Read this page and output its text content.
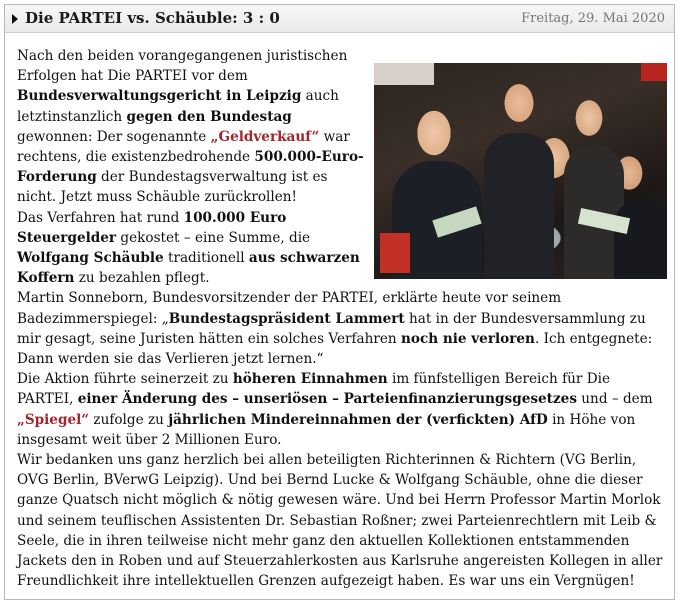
Die PARTEI vs. Schäuble: 3 : 0	Freitag, 29. Mai 2020

Nach den beiden vorangegangenen juristischen Erfolgen hat Die PARTEI vor dem Bundesverwaltungsgericht in Leipzig auch letztinstanzlich gegen den Bundestag gewonnen: Der sogenannte „Geldverkauf“ war rechtens, die existenzbedrohende 500.000-Euro-Forderung der Bundestagsverwaltung ist es nicht. Jetzt muss Schäuble zurückrollen!

Das Verfahren hat rund 100.000 Euro Steuergelder gekostet – eine Summe, die Wolfgang Schäuble traditionell aus schwarzen Koffern zu bezahlen pflegt.

Martin Sonneborn, Bundesvorsitzender der PARTEI, erklärte heute vor seinem Badezimmerspiegel: „Bundestagspräsident Lammert hat in der Bundesversammlung zu mir gesagt, seine Juristen hätten ein solches Verfahren noch nie verloren. Ich entgegnete: Dann werden sie das Verlieren jetzt lernen.“

Die Aktion führte seinerzeit zu höheren Einnahmen im fünfstelligen Bereich für Die PARTEI, einer Änderung des – unseriösen – Parteienfinanzierungsgesetzes und – dem „Spiegel“ zufolge zu jährlichen Mindereinnahmen der (verfickten) AfD in Höhe von insgesamt weit über 2 Millionen Euro.

Wir bedanken uns ganz herzlich bei allen beteiligten Richterinnen & Richtern (VG Berlin, OVG Berlin, BVerwG Leipzig). Und bei Bernd Lucke & Wolfgang Schäuble, ohne die dieser ganze Quatsch nicht möglich & nötig gewesen wäre. Und bei Herrn Professor Martin Morlok und seinem teuflischen Assistenten Dr. Sebastian Roßner; zwei Parteienrechtlern mit Leib & Seele, die in ihren teilweise nicht mehr ganz den aktuellen Kollektionen entstammenden Jackets den in Roben und auf Steuerzahlerkosten aus Karlsruhe angereisten Kollegen in aller Freundlichkeit ihre intellektuellen Grenzen aufgezeigt haben. Es war uns ein Vergnügen!
